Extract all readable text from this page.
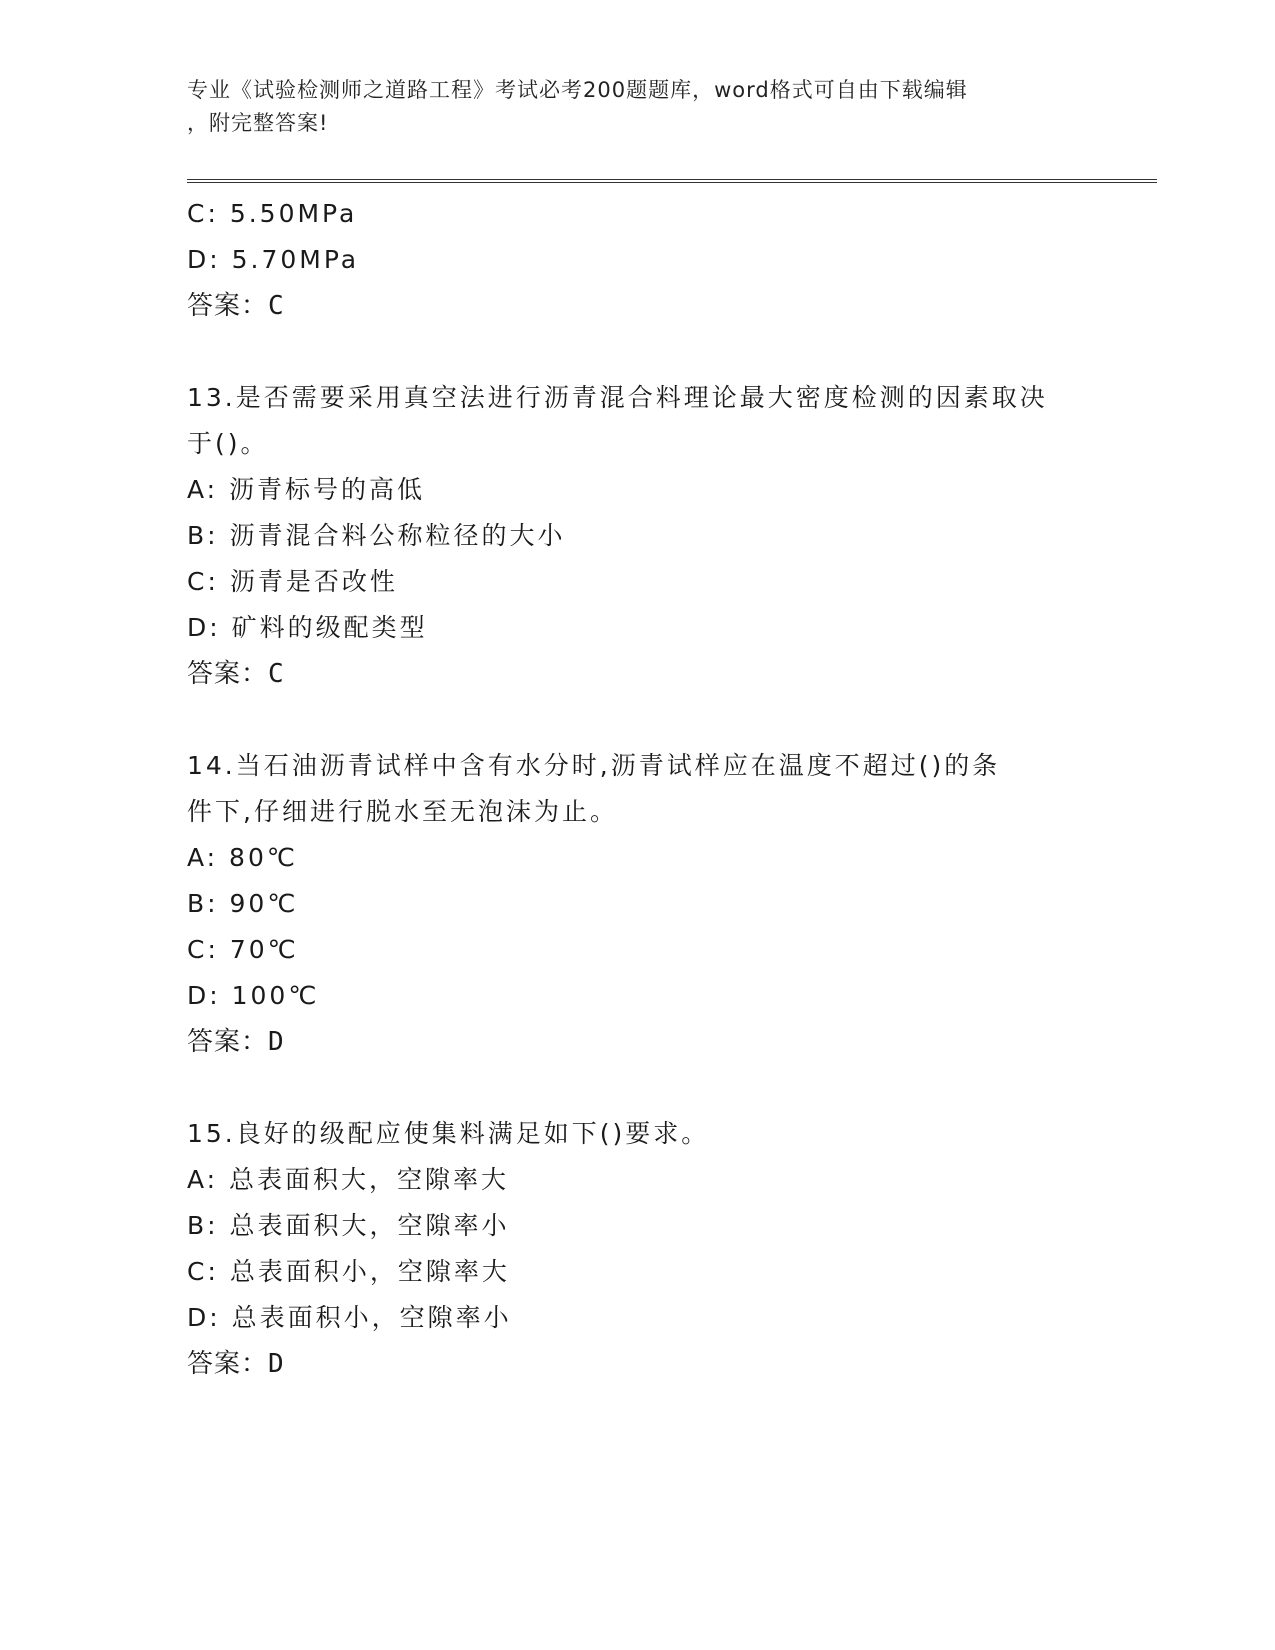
专业《试验检测师之道路工程》考试必考200题题库，word格式可自由下载编辑
，附完整答案!
C: 5.50MPa
D: 5.70MPa
答案：C
13.是否需要采用真空法进行沥青混合料理论最大密度检测的因素取决
于()。
A: 沥青标号的高低
B: 沥青混合料公称粒径的大小
C: 沥青是否改性
D: 矿料的级配类型
答案：C
14.当石油沥青试样中含有水分时,沥青试样应在温度不超过()的条
件下,仔细进行脱水至无泡沫为止。
A: 80℃
B: 90℃
C: 70℃
D: 100℃
答案：D
15.良好的级配应使集料满足如下()要求。
A: 总表面积大，空隙率大
B: 总表面积大，空隙率小
C: 总表面积小，空隙率大
D: 总表面积小，空隙率小
答案：D
